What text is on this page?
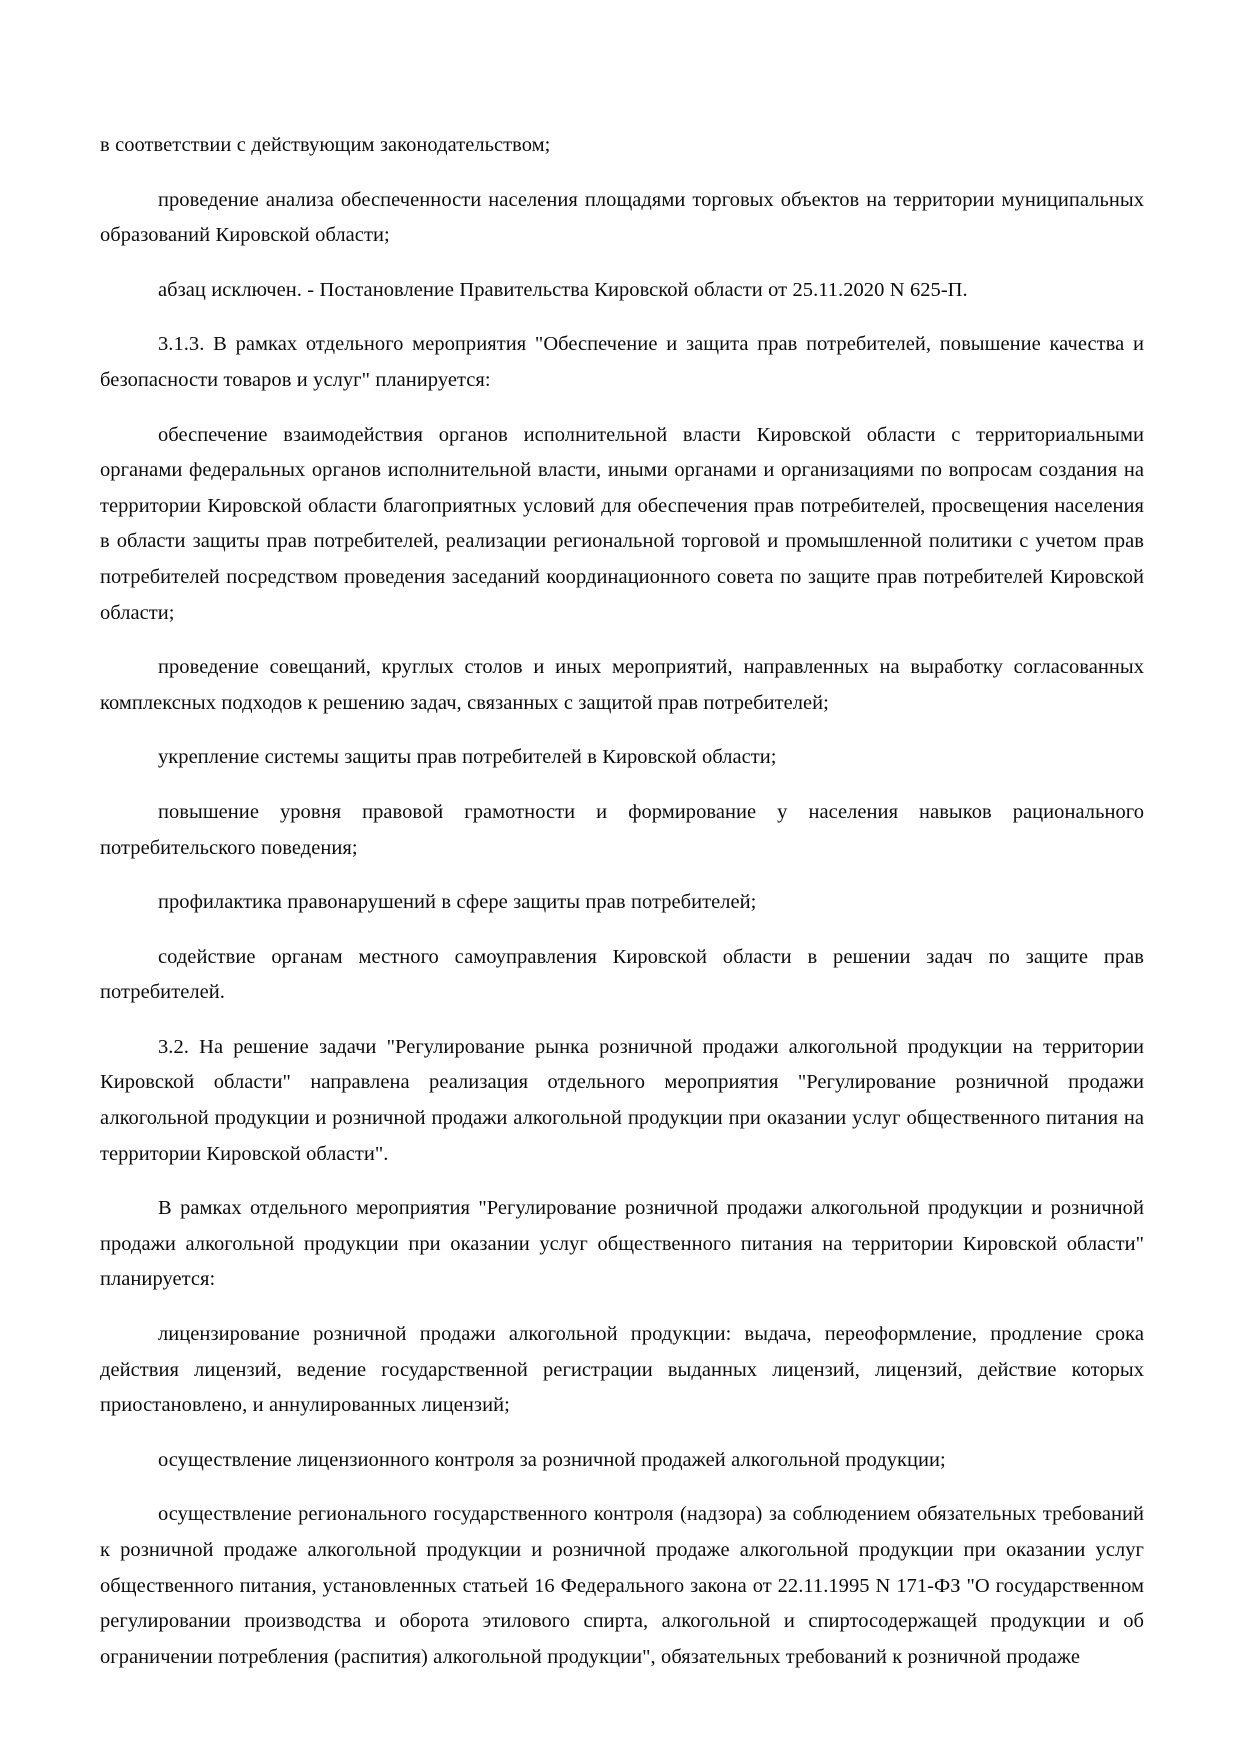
в соответствии с действующим законодательством;

проведение анализа обеспеченности населения площадями торговых объектов на территории муниципальных образований Кировской области;

абзац исключен. - Постановление Правительства Кировской области от 25.11.2020 N 625-П.

3.1.3. В рамках отдельного мероприятия "Обеспечение и защита прав потребителей, повышение качества и безопасности товаров и услуг" планируется:

обеспечение взаимодействия органов исполнительной власти Кировской области с территориальными органами федеральных органов исполнительной власти, иными органами и организациями по вопросам создания на территории Кировской области благоприятных условий для обеспечения прав потребителей, просвещения населения в области защиты прав потребителей, реализации региональной торговой и промышленной политики с учетом прав потребителей посредством проведения заседаний координационного совета по защите прав потребителей Кировской области;

проведение совещаний, круглых столов и иных мероприятий, направленных на выработку согласованных комплексных подходов к решению задач, связанных с защитой прав потребителей;

укрепление системы защиты прав потребителей в Кировской области;

повышение уровня правовой грамотности и формирование у населения навыков рационального потребительского поведения;

профилактика правонарушений в сфере защиты прав потребителей;

содействие органам местного самоуправления Кировской области в решении задач по защите прав потребителей.

3.2. На решение задачи "Регулирование рынка розничной продажи алкогольной продукции на территории Кировской области" направлена реализация отдельного мероприятия "Регулирование розничной продажи алкогольной продукции и розничной продажи алкогольной продукции при оказании услуг общественного питания на территории Кировской области".

В рамках отдельного мероприятия "Регулирование розничной продажи алкогольной продукции и розничной продажи алкогольной продукции при оказании услуг общественного питания на территории Кировской области" планируется:

лицензирование розничной продажи алкогольной продукции: выдача, переоформление, продление срока действия лицензий, ведение государственной регистрации выданных лицензий, лицензий, действие которых приостановлено, и аннулированных лицензий;

осуществление лицензионного контроля за розничной продажей алкогольной продукции;

осуществление регионального государственного контроля (надзора) за соблюдением обязательных требований к розничной продаже алкогольной продукции и розничной продаже алкогольной продукции при оказании услуг общественного питания, установленных статьей 16 Федерального закона от 22.11.1995 N 171-ФЗ "О государственном регулировании производства и оборота этилового спирта, алкогольной и спиртосодержащей продукции и об ограничении потребления (распития) алкогольной продукции", обязательных требований к розничной продаже
